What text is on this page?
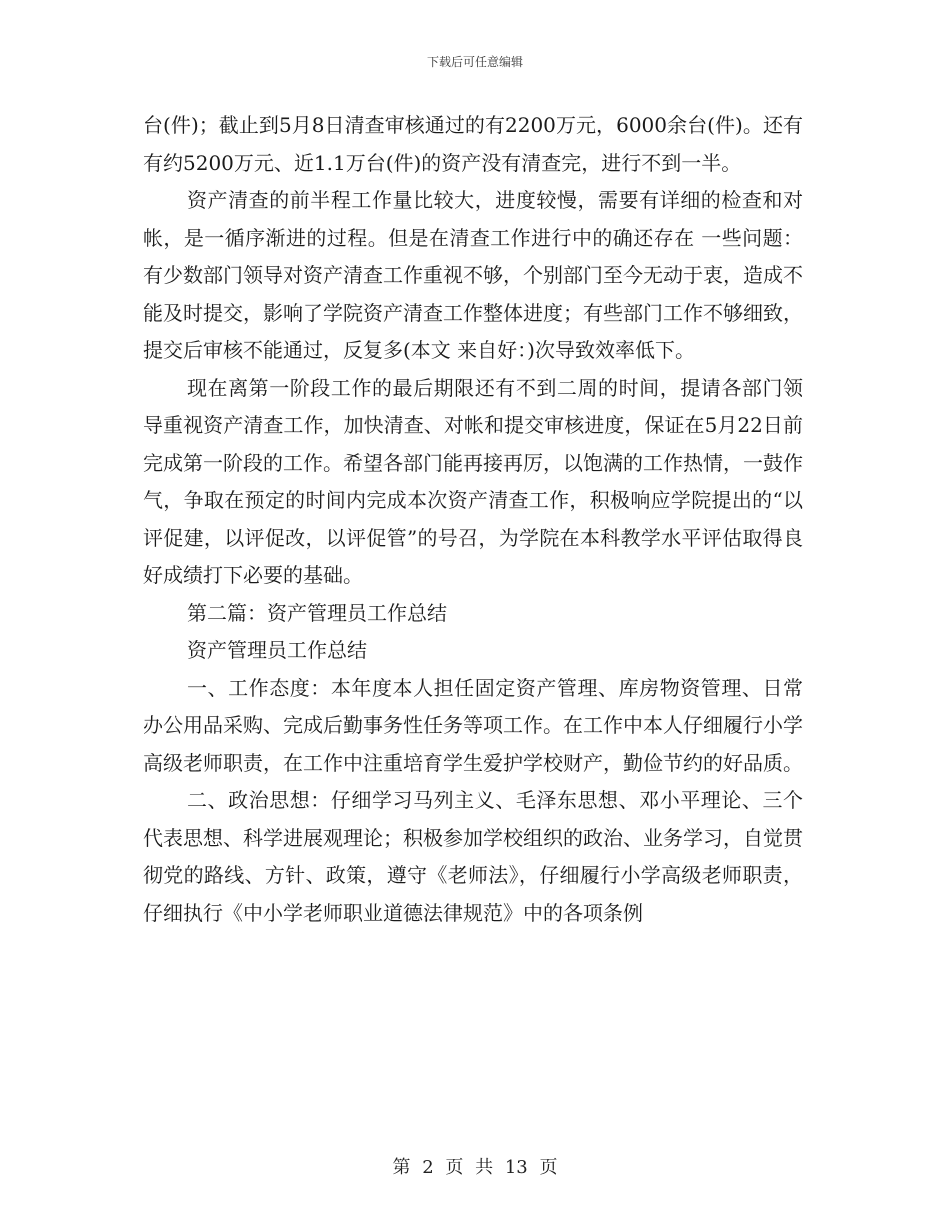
下载后可任意编辑

台(件)；截止到5月8日清查审核通过的有2200万元，6000余台(件)。还有有约5200万元、近1.1万台(件)的资产没有清查完，进行不到一半。

资产清查的前半程工作量比较大，进度较慢，需要有详细的检查和对帐，是一循序渐进的过程。但是在清查工作进行中的确还存在 一些问题：有少数部门领导对资产清查工作重视不够，个别部门至今无动于衷，造成不能及时提交，影响了学院资产清查工作整体进度；有些部门工作不够细致，提交后审核不能通过，反复多(本文 来自好：)次导致效率低下。

现在离第一阶段工作的最后期限还有不到二周的时间，提请各部门领导重视资产清查工作，加快清查、对帐和提交审核进度，保证在5月22日前完成第一阶段的工作。希望各部门能再接再厉，以饱满的工作热情，一鼓作气，争取在预定的时间内完成本次资产清查工作，积极响应学院提出的“以评促建，以评促改，以评促管”的号召，为学院在本科教学水平评估取得良好成绩打下必要的基础。

第二篇：资产管理员工作总结

资产管理员工作总结

一、工作态度：本年度本人担任固定资产管理、库房物资管理、日常办公用品采购、完成后勤事务性任务等项工作。在工作中本人仔细履行小学高级老师职责，在工作中注重培育学生爱护学校财产，勤俭节约的好品质。

二、政治思想：仔细学习马列主义、毛泽东思想、邓小平理论、三个代表思想、科学进展观理论；积极参加学校组织的政治、业务学习，自觉贯彻党的路线、方针、政策，遵守《老师法》，仔细履行小学高级老师职责，仔细执行《中小学老师职业道德法律规范》中的各项条例

第 2 页 共 13 页
